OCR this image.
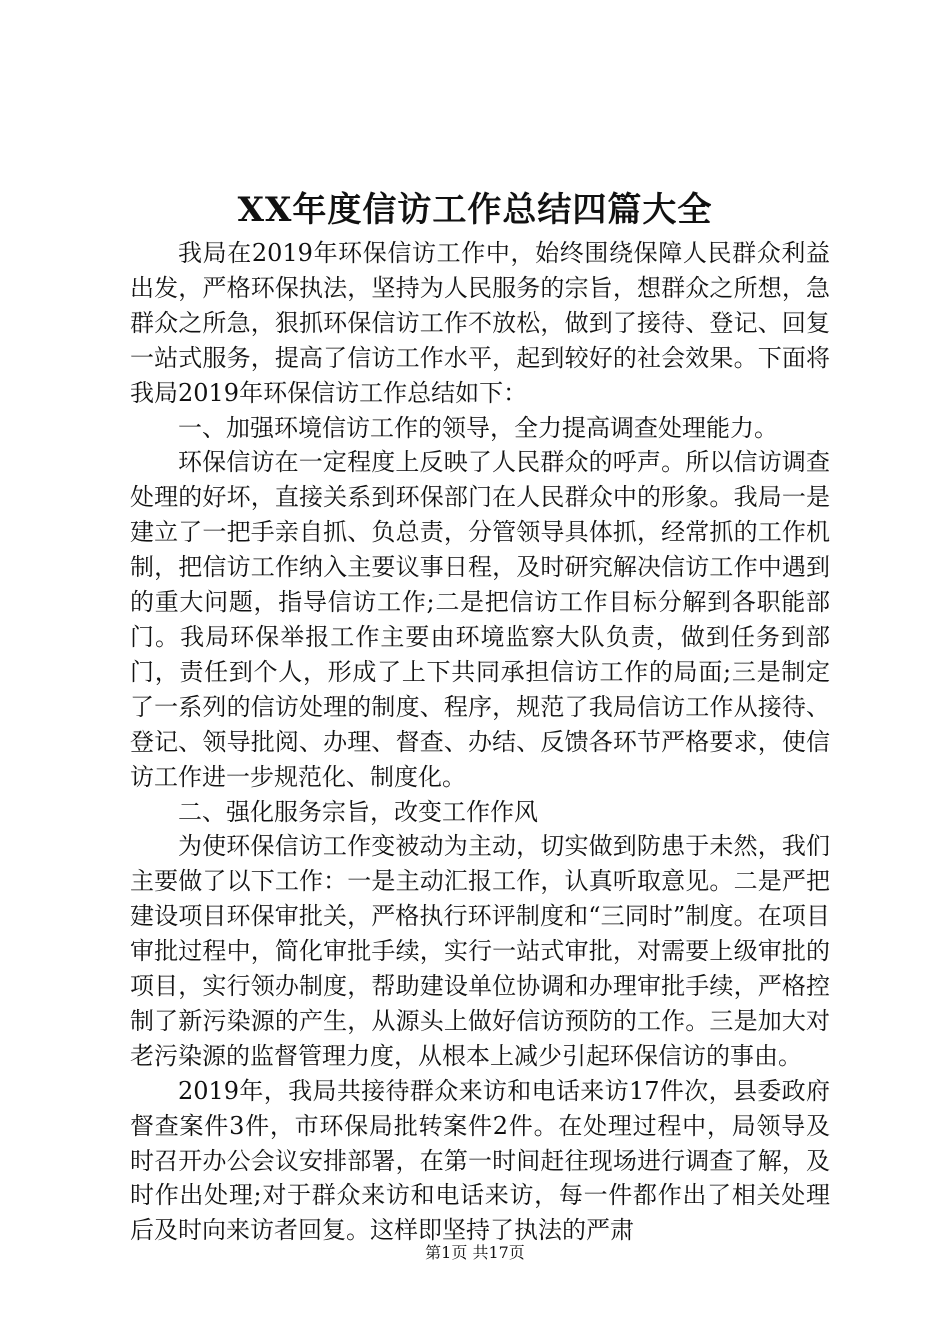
XX年度信访工作总结四篇大全

我局在2019年环保信访工作中，始终围绕保障人民群众利益出发，严格环保执法，坚持为人民服务的宗旨，想群众之所想，急群众之所急，狠抓环保信访工作不放松，做到了接待、登记、回复一站式服务，提高了信访工作水平，起到较好的社会效果。下面将我局2019年环保信访工作总结如下：

一、加强环境信访工作的领导，全力提高调查处理能力。

环保信访在一定程度上反映了人民群众的呼声。所以信访调查处理的好坏，直接关系到环保部门在人民群众中的形象。我局一是建立了一把手亲自抓、负总责，分管领导具体抓，经常抓的工作机制，把信访工作纳入主要议事日程，及时研究解决信访工作中遇到的重大问题，指导信访工作;二是把信访工作目标分解到各职能部门。我局环保举报工作主要由环境监察大队负责，做到任务到部门，责任到个人，形成了上下共同承担信访工作的局面;三是制定了一系列的信访处理的制度、程序，规范了我局信访工作从接待、登记、领导批阅、办理、督查、办结、反馈各环节严格要求，使信访工作进一步规范化、制度化。

二、强化服务宗旨，改变工作作风

为使环保信访工作变被动为主动，切实做到防患于未然，我们主要做了以下工作：一是主动汇报工作，认真听取意见。二是严把建设项目环保审批关，严格执行环评制度和“三同时”制度。在项目审批过程中，简化审批手续，实行一站式审批，对需要上级审批的项目，实行领办制度，帮助建设单位协调和办理审批手续，严格控制了新污染源的产生，从源头上做好信访预防的工作。三是加大对老污染源的监督管理力度，从根本上减少引起环保信访的事由。

2019年，我局共接待群众来访和电话来访17件次，县委政府督查案件3件，市环保局批转案件2件。在处理过程中，局领导及时召开办公会议安排部署，在第一时间赶往现场进行调查了解，及时作出处理;对于群众来访和电话来访，每一件都作出了相关处理后及时向来访者回复。这样即坚持了执法的严肃

第1页 共17页
